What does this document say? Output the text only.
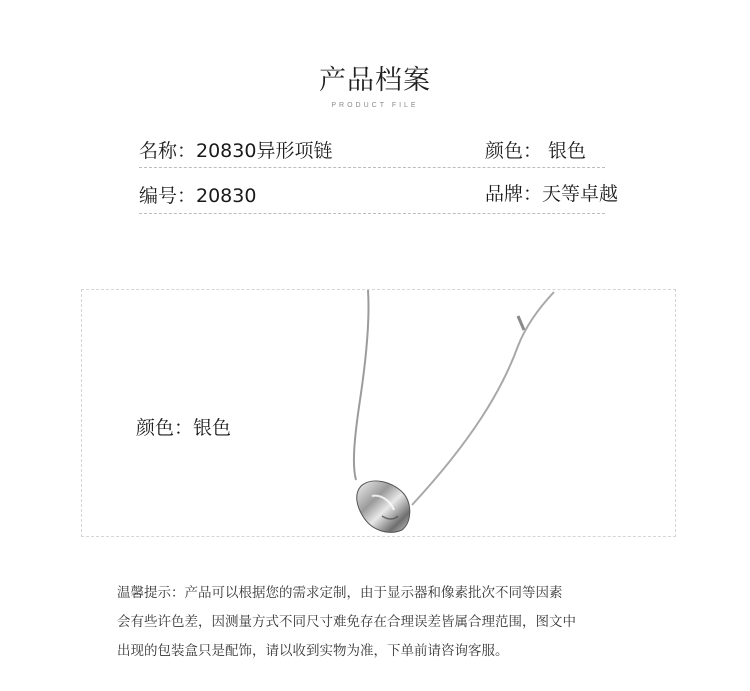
产品档案
PRODUCT FILE
名称：20830异形项链	颜色： 银色
编号：20830	品牌：天等卓越
颜色：银色
温馨提示：产品可以根据您的需求定制，由于显示器和像素批次不同等因素
会有些许色差，因测量方式不同尺寸难免存在合理误差皆属合理范围，图文中
出现的包装盒只是配饰，请以收到实物为准，下单前请咨询客服。
